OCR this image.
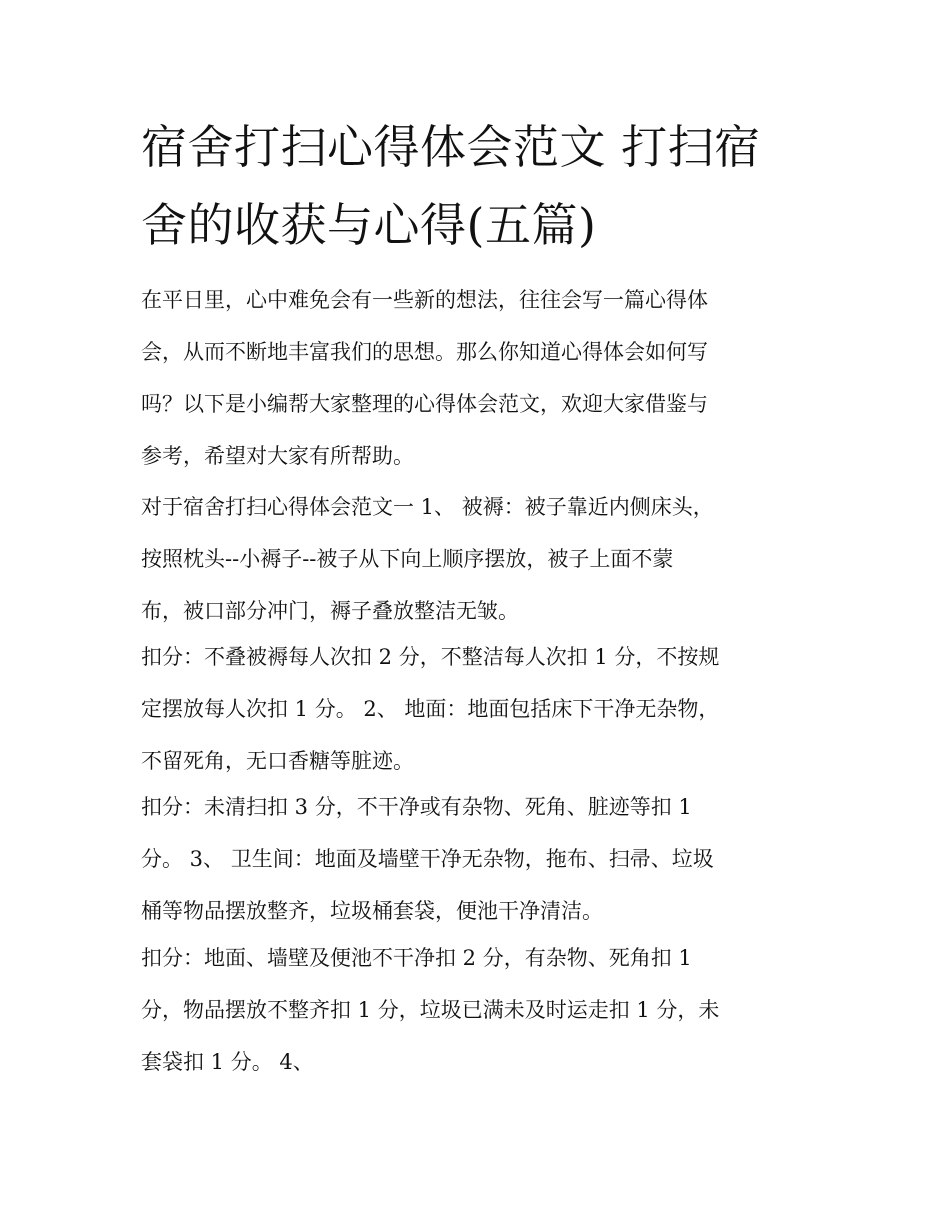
宿舍打扫心得体会范文 打扫宿
舍的收获与心得(五篇)

在平日里，心中难免会有一些新的想法，往往会写一篇心得体
会，从而不断地丰富我们的思想。那么你知道心得体会如何写
吗？以下是小编帮大家整理的心得体会范文，欢迎大家借鉴与
参考，希望对大家有所帮助。

对于宿舍打扫心得体会范文一 1、 被褥：被子靠近内侧床头，
按照枕头--小褥子--被子从下向上顺序摆放，被子上面不蒙
布，被口部分冲门，褥子叠放整洁无皱。

扣分：不叠被褥每人次扣 2 分，不整洁每人次扣 1 分，不按规
定摆放每人次扣 1 分。 2、 地面：地面包括床下干净无杂物，
不留死角，无口香糖等脏迹。

扣分：未清扫扣 3 分，不干净或有杂物、死角、脏迹等扣 1
分。 3、 卫生间：地面及墙壁干净无杂物，拖布、扫帚、垃圾
桶等物品摆放整齐，垃圾桶套袋，便池干净清洁。

扣分：地面、墙壁及便池不干净扣 2 分，有杂物、死角扣 1
分，物品摆放不整齐扣 1 分，垃圾已满未及时运走扣 1 分，未
套袋扣 1 分。 4、
